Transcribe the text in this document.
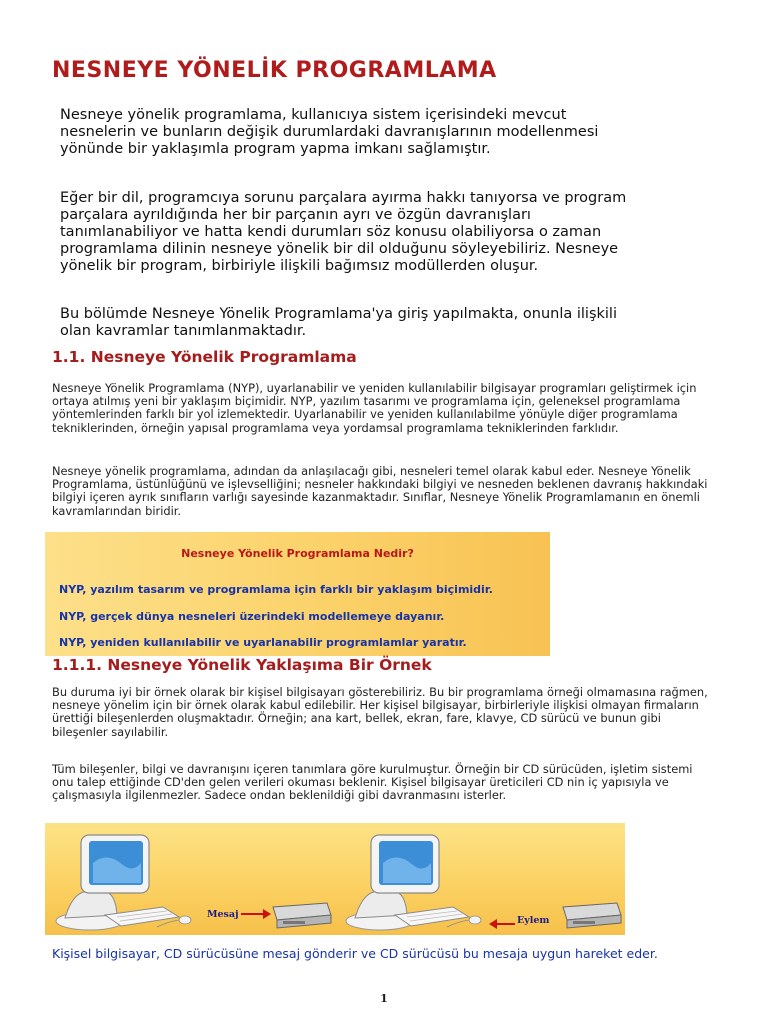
NESNEYE YÖNELİK PROGRAMLAMA

Nesneye yönelik programlama, kullanıcıya sistem içerisindeki mevcut nesnelerin ve bunların değişik durumlardaki davranışlarının modellenmesi yönünde bir yaklaşımla program yapma imkanı sağlamıştır.

Eğer bir dil, programcıya sorunu parçalara ayırma hakkı tanıyorsa ve program parçalara ayrıldığında her bir parçanın ayrı ve özgün davranışları tanımlanabiliyor ve hatta kendi durumları söz konusu olabiliyorsa o zaman programlama dilinin nesneye yönelik bir dil olduğunu söyleyebiliriz. Nesneye yönelik bir program, birbiriyle ilişkili bağımsız modüllerden oluşur.

Bu bölümde Nesneye Yönelik Programlama'ya giriş yapılmakta, onunla ilişkili olan kavramlar tanımlanmaktadır.

1.1. Nesneye Yönelik Programlama

Nesneye Yönelik Programlama (NYP), uyarlanabilir ve yeniden kullanılabilir bilgisayar programları geliştirmek için ortaya atılmış yeni bir yaklaşım biçimidir. NYP, yazılım tasarımı ve programlama için, geleneksel programlama yöntemlerinden farklı bir yol izlemektedir. Uyarlanabilir ve yeniden kullanılabilme yönüyle diğer programlama tekniklerinden, örneğin yapısal programlama veya yordamsal programlama tekniklerinden farklıdır.

Nesneye yönelik programlama, adından da anlaşılacağı gibi, nesneleri temel olarak kabul eder. Nesneye Yönelik Programlama, üstünlüğünü ve işlevselliğini; nesneler hakkındaki bilgiyi ve nesneden beklenen davranış hakkındaki bilgiyi içeren ayrık sınıfların varlığı sayesinde kazanmaktadır. Sınıflar, Nesneye Yönelik Programlamanın en önemli kavramlarından biridir.

Nesneye Yönelik Programlama Nedir?

NYP, yazılım tasarım ve programlama için farklı bir yaklaşım biçimidir.

NYP, gerçek dünya nesneleri üzerindeki modellemeye dayanır.

NYP, yeniden kullanılabilir ve uyarlanabilir programlamlar yaratır.

1.1.1. Nesneye Yönelik Yaklaşıma Bir Örnek

Bu duruma iyi bir örnek olarak bir kişisel bilgisayarı gösterebiliriz. Bu bir programlama örneği olmamasına rağmen, nesneye yönelim için bir örnek olarak kabul edilebilir. Her kişisel bilgisayar, birbirleriyle ilişkisi olmayan firmaların ürettiği bileşenlerden oluşmaktadır. Örneğin; ana kart, bellek, ekran, fare, klavye, CD sürücü ve bunun gibi bileşenler sayılabilir.

Tüm bileşenler, bilgi ve davranışını içeren tanımlara göre kurulmuştur. Örneğin bir CD sürücüden, işletim sistemi onu talep ettiğinde CD'den gelen verileri okuması beklenir. Kişisel bilgisayar üreticileri CD nin iç yapısıyla ve çalışmasıyla ilgilenmezler. Sadece ondan beklenildiği gibi davranmasını isterler.

Mesaj
Eylem

Kişisel bilgisayar, CD sürücüsüne mesaj gönderir ve CD sürücüsü bu mesaja uygun hareket eder.

1
